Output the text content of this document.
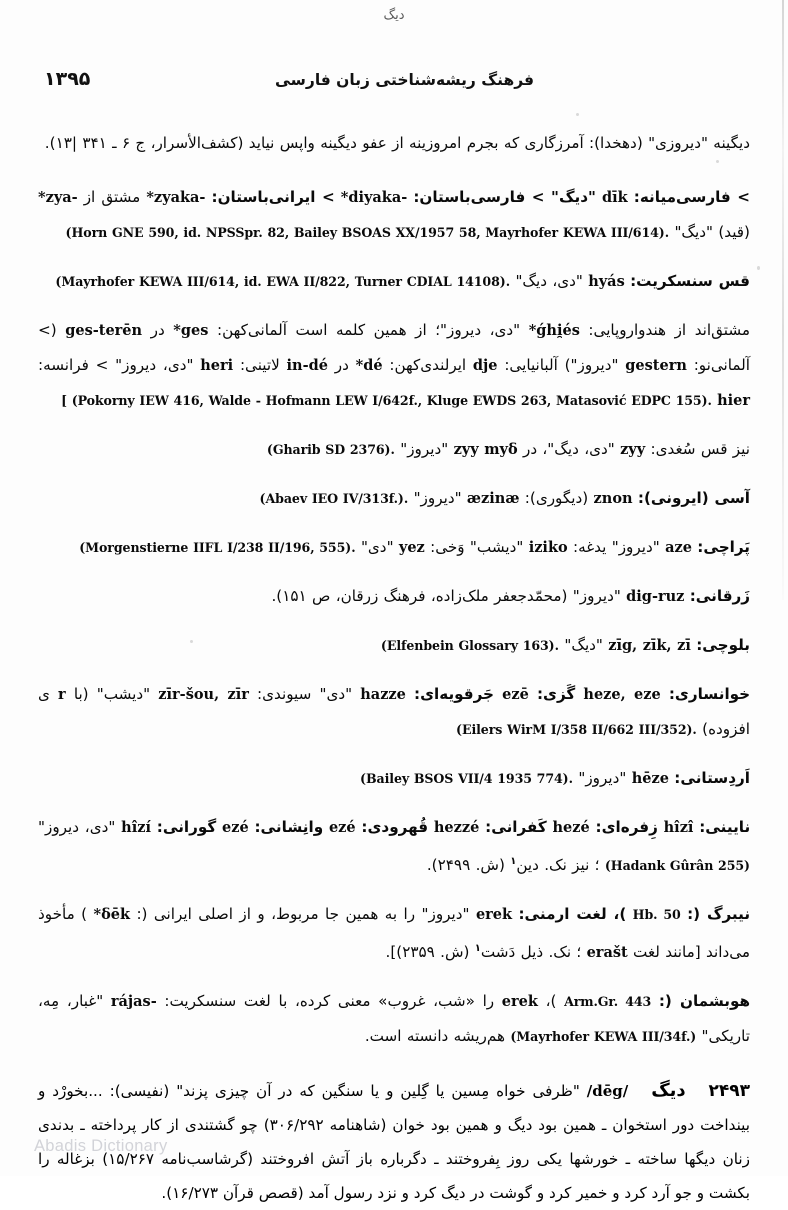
دیگ
۱۳۹۵	فرهنگ ریشه‌شناختی زبان فارسی

دیگینه "دیروزی" (دهخدا): آمرزگاری که بجرم امروزینه از عفو دیگینه واپس نیاید (کشف‌الأسرار، ج ۶ ـ ۳۴۱ |۱۳).

> فارسی‌میانه: dīk "دیگ" > فارسی‌باستان: *diyaka- > ایرانی‌باستان: *zyaka- مشتق از *zya- (قید) "دیگ" (Horn GNE 590, id. NPSSpr. 82, Bailey BSOAS XX/1957 58, Mayrhofer KEWA III/614).

قس سنسکریت: hyás "دی، دیگ" (Mayrhofer KEWA III/614, id. EWA II/822, Turner CDIAL 14108).

مشتق‌اند از هندواروپایی: *ǵhi̯és "دی، دیروز"؛ از همین کلمه است آلمانی‌کهن: *ges در ges-terēn (> آلمانی‌نو: gestern "دیروز") آلبانیایی: dje ایرلندی‌کهن: *dé در in-dé لاتینی: heri "دی، دیروز" > فرانسه: hier [ (Pokorny IEW 416, Walde - Hofmann LEW I/642f., Kluge EWDS 263, Matasović EDPC 155).

نیز قس سُغدی: zyy "دی، دیگ"، در zyy myδ "دیروز" (Gharib SD 2376).

آسی (ایرونی): znon (دیگوری): æzinæ "دیروز" (Abaev IEO IV/313f.).

پَراچی: aze "دیروز" یدغه: iziko "دیشب" وَخی: yez "دی" (Morgenstierne IIFL I/238 II/196, 555).

زَرقانی: dig-ruz "دیروز" (محمّدجعفر ملک‌زاده، فرهنگ زرقان، ص ۱۵۱).

بلوچی: zīg, zīk, zī "دیگ" (Elfenbein Glossary 163).

خوانساری: heze, eze گَزی: ezē جَرقویه‌ای: hazze "دی" سیوندی: zīr-šou, zīr "دیشب" (با r ی افزوده) (Eilers WirM I/358 II/662 III/352).

اَردِستانی: hēze "دیروز" (Bailey BSOS VII/4 1935 774).

نایینی: hîzî زِفره‌ای: hezé کَفرانی: hezzé قُهرودی: ezé وانِشانی: ezé گورانی: hîzí "دی، دیروز" (Hadank Gûrân 255) ؛ نیز نک. دین$^۱$ (ش. ۲۴۹۹).

نیبرگ (: Hb. 50 )، لغت ارمنی: erek "دیروز" را به همین جا مربوط، و از اصلی ایرانی (: *δēk ) مأخوذ می‌داند [مانند لغت erašt ؛ نک. ذیل دَشت$^۱$ (ش. ۲۳۵۹)].

هوبشمان (: Arm.Gr. 443 )، erek را «شب، غروب» معنی کرده، با لغت سنسکریت: rájas- "غبار، مِه، تاریکی" (Mayrhofer KEWA III/34f.) هم‌ریشه دانسته است.

۲۴۹۳ دیگ /dēg/ "ظرفی خواه مِسین یا گِلین و یا سنگین که در آن چیزی پزند" (نفیسی): ...بخورْد و بینداخت دور استخوان ـ همین بود دیگ و همین بود خوان (شاهنامه ۳۰۶/۲۹۲) چو گشتندی از کار پرداخته ـ بدندی زنان دیگها ساخته ـ خورشها یکی روز بِفروختند ـ دگرباره باز آتش افروختند (گرشاسب‌نامه ۱۵/۲۶۷) بزغاله را بکشت و جو آرد کرد و خمیر کرد و گوشت در دیگ کرد و نزد رسول آمد (قصص قرآن ۱۶/۲۷۳).

Abadis Dictionary
